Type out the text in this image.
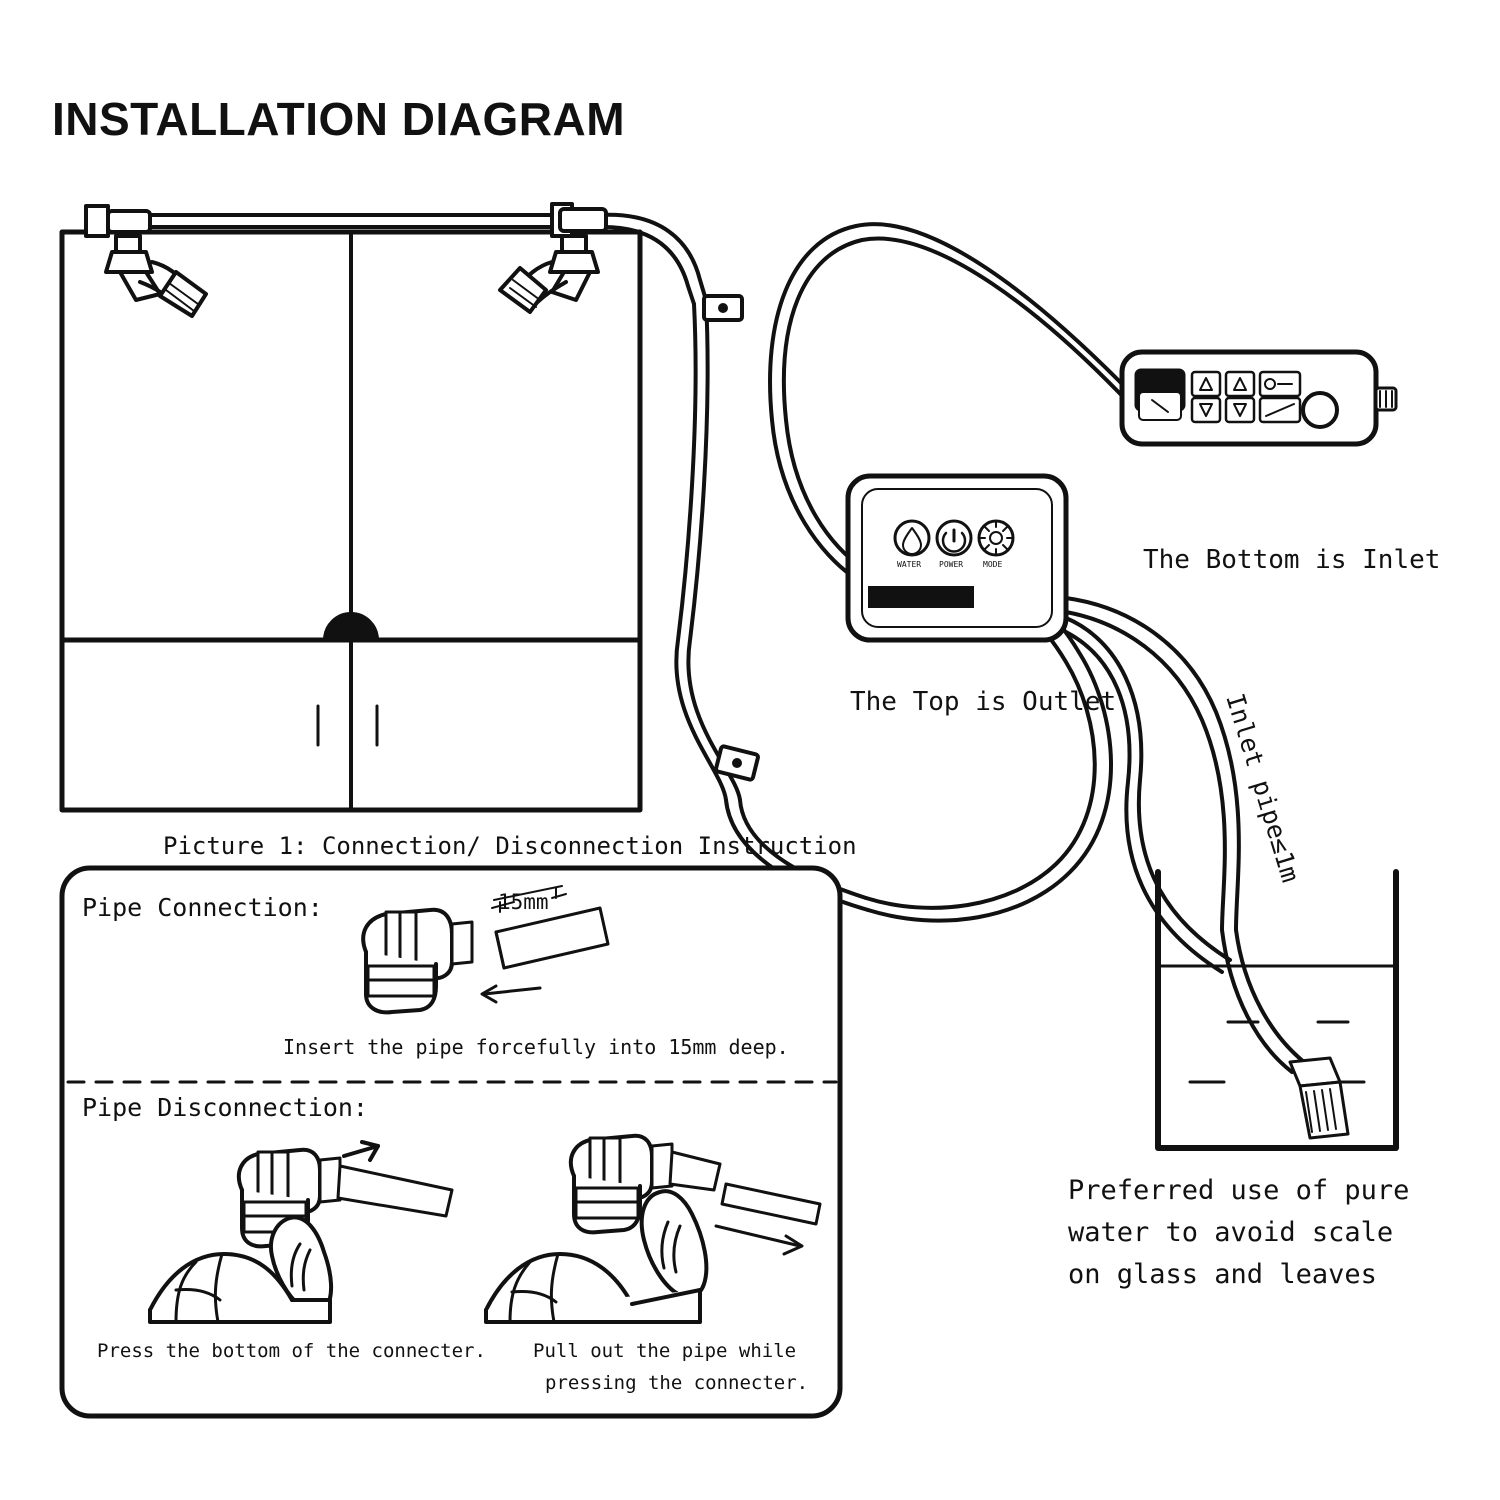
INSTALLATION DIAGRAM
Picture 1: Connection/ Disconnection Instruction
Pipe Connection:	15mm
Insert the pipe forcefully into 15mm deep.
Pipe Disconnection:
Press the bottom of the connecter. Pull out the pipe while
pressing the connecter.
The Bottom is Inlet
The Top is Outlet	Inlet pipe≤1m
Preferred use of pure
water to avoid scale
on glass and leaves
WATER POWER MODE
